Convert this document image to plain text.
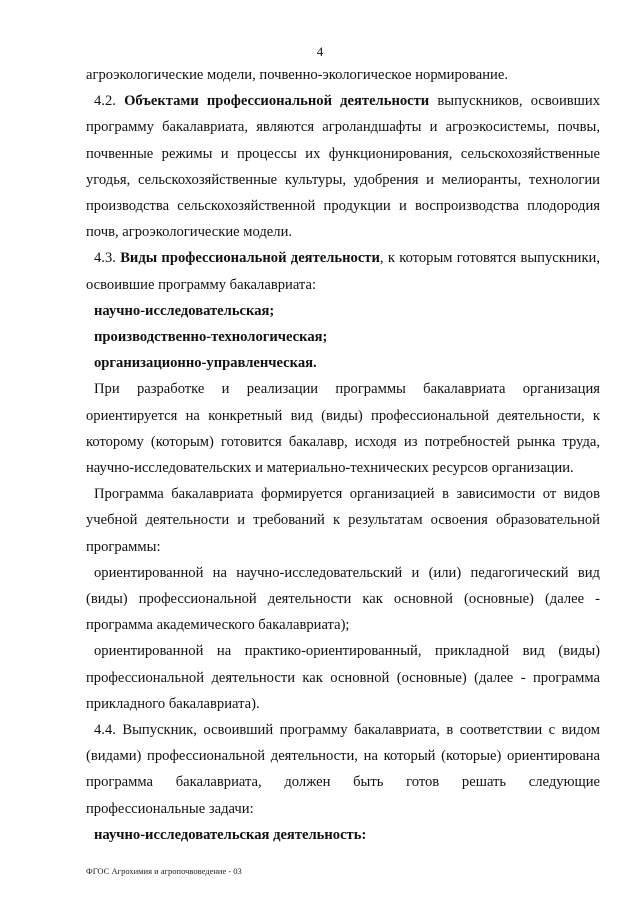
4

агроэкологические модели, почвенно-экологическое нормирование.

4.2. Объектами профессиональной деятельности выпускников, освоивших программу бакалавриата, являются агроландшафты и агроэкосистемы, почвы, почвенные режимы и процессы их функционирования, сельскохозяйственные угодья, сельскохозяйственные культуры, удобрения и мелиоранты, технологии производства сельскохозяйственной продукции и воспроизводства плодородия почв, агроэкологические модели.

4.3. Виды профессиональной деятельности, к которым готовятся выпускники, освоившие программу бакалавриата:

научно-исследовательская;

производственно-технологическая;

организационно-управленческая.

При разработке и реализации программы бакалавриата организация ориентируется на конкретный вид (виды) профессиональной деятельности, к которому (которым) готовится бакалавр, исходя из потребностей рынка труда, научно-исследовательских и материально-технических ресурсов организации.

Программа бакалавриата формируется организацией в зависимости от видов учебной деятельности и требований к результатам освоения образовательной программы:

ориентированной на научно-исследовательский и (или) педагогический вид (виды) профессиональной деятельности как основной (основные) (далее - программа академического бакалавриата);

ориентированной на практико-ориентированный, прикладной вид (виды) профессиональной деятельности как основной (основные) (далее - программа прикладного бакалавриата).

4.4. Выпускник, освоивший программу бакалавриата, в соответствии с видом (видами) профессиональной деятельности, на который (которые) ориентирована программа бакалавриата, должен быть готов решать следующие профессиональные задачи:

научно-исследовательская деятельность:

ФГОС Агрохимия и агропочвоведение - 03
